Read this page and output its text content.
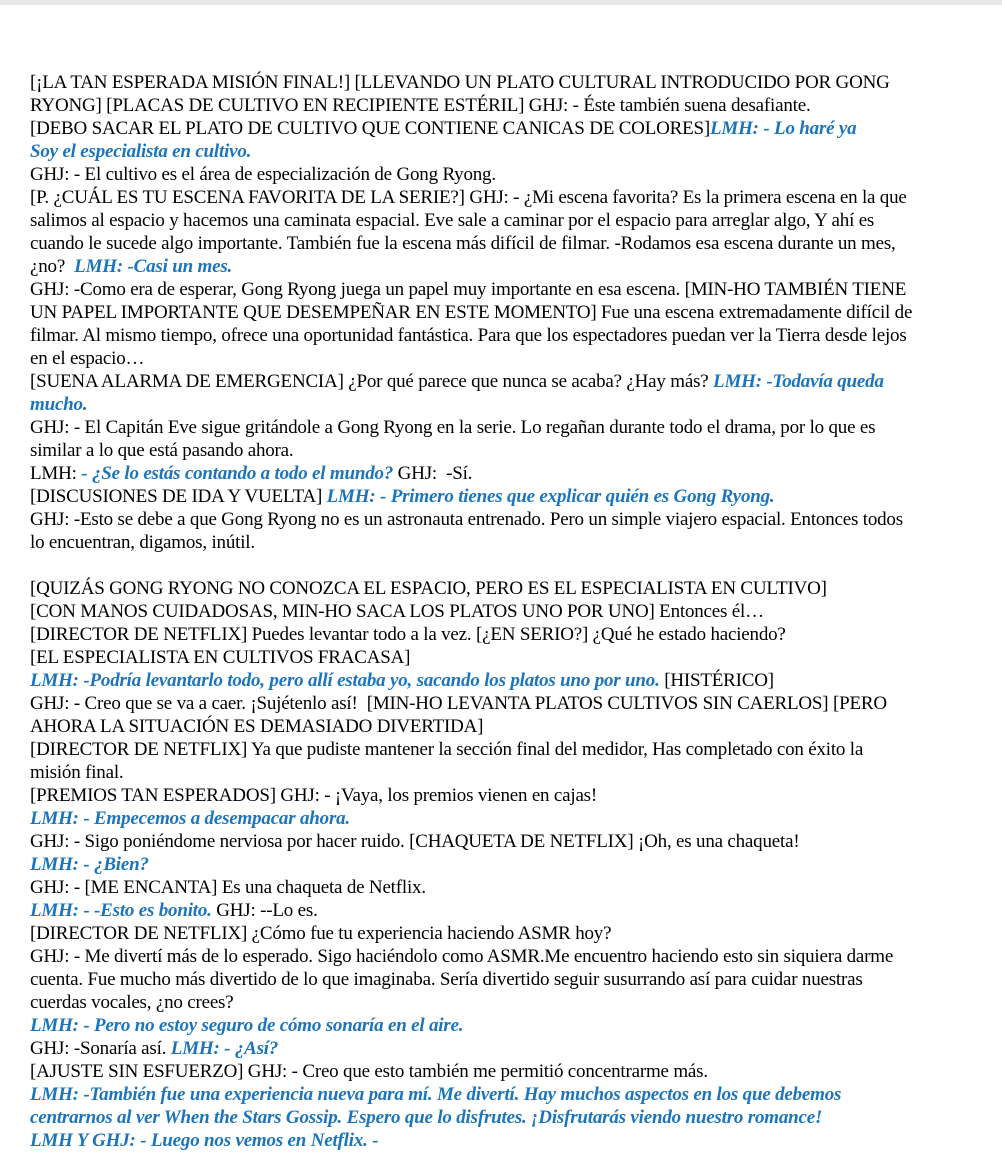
[¡LA TAN ESPERADA MISIÓN FINAL!] [LLEVANDO UN PLATO CULTURAL INTRODUCIDO POR GONG
RYONG] [PLACAS DE CULTIVO EN RECIPIENTE ESTÉRIL] GHJ: - Éste también suena desafiante.
[DEBO SACAR EL PLATO DE CULTIVO QUE CONTIENE CANICAS DE COLORES]LMH: - Lo haré ya
Soy el especialista en cultivo.
GHJ: - El cultivo es el área de especialización de Gong Ryong.
[P. ¿CUÁL ES TU ESCENA FAVORITA DE LA SERIE?] GHJ: - ¿Mi escena favorita? Es la primera escena en la que
salimos al espacio y hacemos una caminata espacial. Eve sale a caminar por el espacio para arreglar algo, Y ahí es
cuando le sucede algo importante. También fue la escena más difícil de filmar. -Rodamos esa escena durante un mes,
¿no?  LMH: -Casi un mes.
GHJ: -Como era de esperar, Gong Ryong juega un papel muy importante en esa escena. [MIN-HO TAMBIÉN TIENE
UN PAPEL IMPORTANTE QUE DESEMPEÑAR EN ESTE MOMENTO] Fue una escena extremadamente difícil de
filmar. Al mismo tiempo, ofrece una oportunidad fantástica. Para que los espectadores puedan ver la Tierra desde lejos
en el espacio…
[SUENA ALARMA DE EMERGENCIA] ¿Por qué parece que nunca se acaba? ¿Hay más? LMH: -Todavía queda
mucho.
GHJ: - El Capitán Eve sigue gritándole a Gong Ryong en la serie. Lo regañan durante todo el drama, por lo que es
similar a lo que está pasando ahora.
LMH: - ¿Se lo estás contando a todo el mundo? GHJ:  -Sí.
[DISCUSIONES DE IDA Y VUELTA] LMH: - Primero tienes que explicar quién es Gong Ryong.
GHJ: -Esto se debe a que Gong Ryong no es un astronauta entrenado. Pero un simple viajero espacial. Entonces todos
lo encuentran, digamos, inútil.

[QUIZÁS GONG RYONG NO CONOZCA EL ESPACIO, PERO ES EL ESPECIALISTA EN CULTIVO]
[CON MANOS CUIDADOSAS, MIN-HO SACA LOS PLATOS UNO POR UNO] Entonces él…
[DIRECTOR DE NETFLIX] Puedes levantar todo a la vez. [¿EN SERIO?] ¿Qué he estado haciendo?
[EL ESPECIALISTA EN CULTIVOS FRACASA]
LMH: -Podría levantarlo todo, pero allí estaba yo, sacando los platos uno por uno. [HISTÉRICO]
GHJ: - Creo que se va a caer. ¡Sujétenlo así!  [MIN-HO LEVANTA PLATOS CULTIVOS SIN CAERLOS] [PERO
AHORA LA SITUACIÓN ES DEMASIADO DIVERTIDA]
[DIRECTOR DE NETFLIX] Ya que pudiste mantener la sección final del medidor, Has completado con éxito la
misión final.
[PREMIOS TAN ESPERADOS] GHJ: - ¡Vaya, los premios vienen en cajas!
LMH: - Empecemos a desempacar ahora.
GHJ: - Sigo poniéndome nerviosa por hacer ruido. [CHAQUETA DE NETFLIX] ¡Oh, es una chaqueta!
LMH: - ¿Bien?
GHJ: - [ME ENCANTA] Es una chaqueta de Netflix.
LMH: - -Esto es bonito. GHJ: --Lo es.
[DIRECTOR DE NETFLIX] ¿Cómo fue tu experiencia haciendo ASMR hoy?
GHJ: - Me divertí más de lo esperado. Sigo haciéndolo como ASMR.Me encuentro haciendo esto sin siquiera darme
cuenta. Fue mucho más divertido de lo que imaginaba. Sería divertido seguir susurrando así para cuidar nuestras
cuerdas vocales, ¿no crees?
LMH: - Pero no estoy seguro de cómo sonaría en el aire.
GHJ: -Sonaría así. LMH: - ¿Así?
[AJUSTE SIN ESFUERZO] GHJ: - Creo que esto también me permitió concentrarme más.
LMH: -También fue una experiencia nueva para mí. Me divertí. Hay muchos aspectos en los que debemos
centrarnos al ver When the Stars Gossip. Espero que lo disfrutes. ¡Disfrutarás viendo nuestro romance!
LMH Y GHJ: - Luego nos vemos en Netflix. -
